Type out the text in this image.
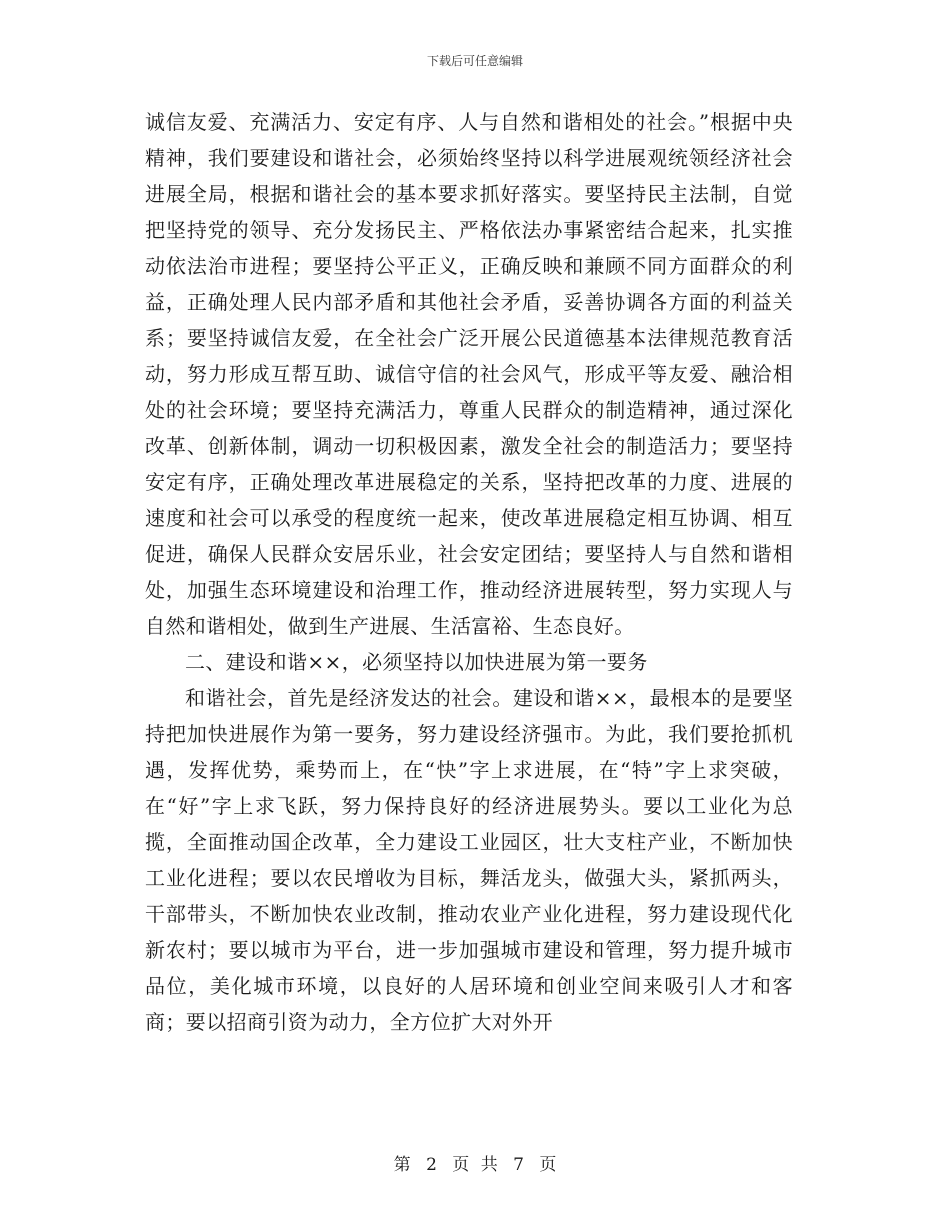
下载后可任意编辑

诚信友爱、充满活力、安定有序、人与自然和谐相处的社会。”根据中央精神，我们要建设和谐社会，必须始终坚持以科学进展观统领经济社会进展全局，根据和谐社会的基本要求抓好落实。要坚持民主法制，自觉把坚持党的领导、充分发扬民主、严格依法办事紧密结合起来，扎实推动依法治市进程；要坚持公平正义，正确反映和兼顾不同方面群众的利益，正确处理人民内部矛盾和其他社会矛盾，妥善协调各方面的利益关系；要坚持诚信友爱，在全社会广泛开展公民道德基本法律规范教育活动，努力形成互帮互助、诚信守信的社会风气，形成平等友爱、融洽相处的社会环境；要坚持充满活力，尊重人民群众的制造精神，通过深化改革、创新体制，调动一切积极因素，激发全社会的制造活力；要坚持安定有序，正确处理改革进展稳定的关系，坚持把改革的力度、进展的速度和社会可以承受的程度统一起来，使改革进展稳定相互协调、相互促进，确保人民群众安居乐业，社会安定团结；要坚持人与自然和谐相处，加强生态环境建设和治理工作，推动经济进展转型，努力实现人与自然和谐相处，做到生产进展、生活富裕、生态良好。

二、建设和谐××，必须坚持以加快进展为第一要务

和谐社会，首先是经济发达的社会。建设和谐××，最根本的是要坚持把加快进展作为第一要务，努力建设经济强市。为此，我们要抢抓机遇，发挥优势，乘势而上，在“快”字上求进展，在“特”字上求突破，在“好”字上求飞跃，努力保持良好的经济进展势头。要以工业化为总揽，全面推动国企改革，全力建设工业园区，壮大支柱产业，不断加快工业化进程；要以农民增收为目标，舞活龙头，做强大头，紧抓两头，干部带头，不断加快农业改制，推动农业产业化进程，努力建设现代化新农村；要以城市为平台，进一步加强城市建设和管理，努力提升城市品位，美化城市环境，以良好的人居环境和创业空间来吸引人才和客商；要以招商引资为动力，全方位扩大对外开

第 2 页 共 7 页
